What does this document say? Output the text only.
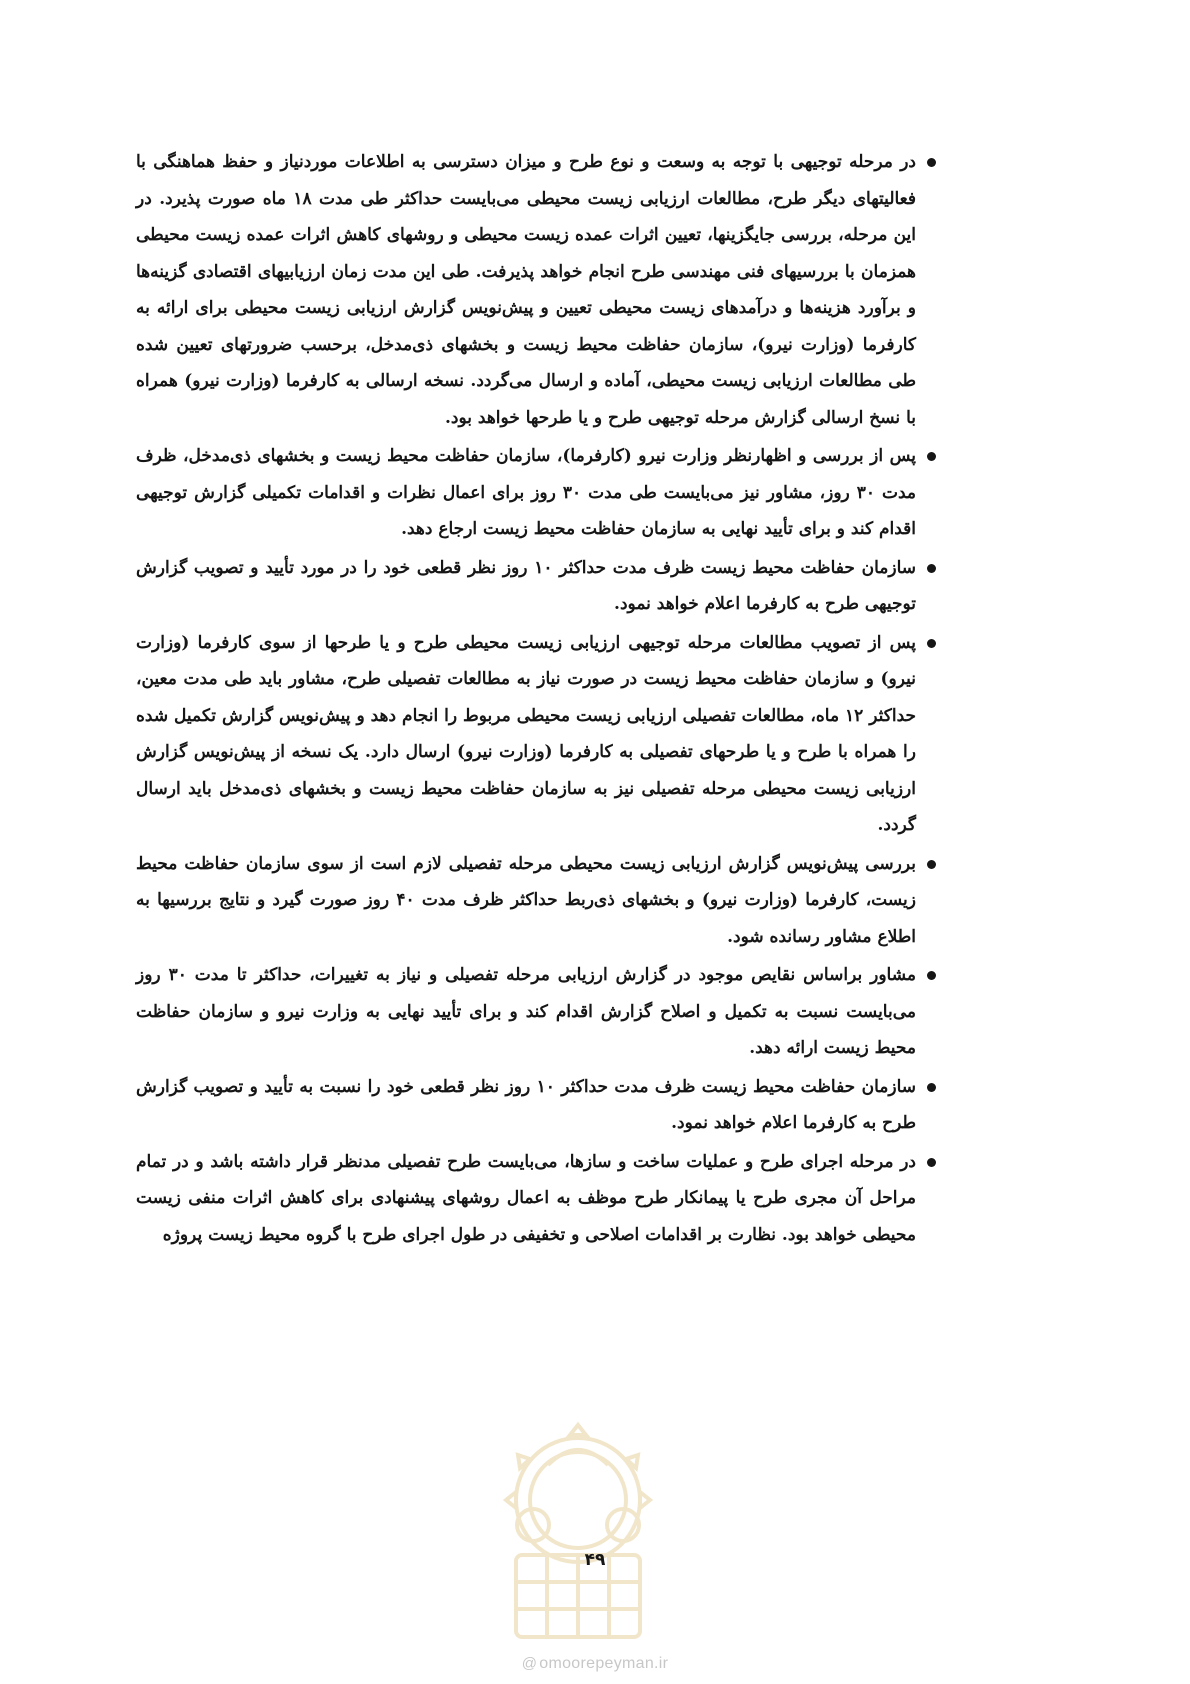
در مرحله توجیهی با توجه به وسعت و نوع طرح و میزان دسترسی به اطلاعات موردنیاز و حفظ هماهنگی با فعالیتهای دیگر طرح، مطالعات ارزیابی زیست محیطی می‌بایست حداکثر طی مدت ۱۸ ماه صورت پذیرد. در این مرحله، بررسی جایگزینها، تعیین اثرات عمده زیست محیطی و روشهای کاهش اثرات عمده زیست محیطی همزمان با بررسیهای فنی مهندسی طرح انجام خواهد پذیرفت. طی این مدت زمان ارزیابیهای اقتصادی گزینه‌ها و برآورد هزینه‌ها و درآمدهای زیست محیطی تعیین و پیش‌نویس گزارش ارزیابی زیست محیطی برای ارائه به کارفرما (وزارت نیرو)، سازمان حفاظت محیط زیست و بخشهای ذی‌مدخل، برحسب ضرورتهای تعیین شده طی مطالعات ارزیابی زیست محیطی، آماده و ارسال می‌گردد. نسخه ارسالی به کارفرما (وزارت نیرو) همراه با نسخ ارسالی گزارش مرحله توجیهی طرح و یا طرحها خواهد بود.
پس از بررسی و اظهارنظر وزارت نیرو (کارفرما)، سازمان حفاظت محیط زیست و بخشهای ذی‌مدخل، ظرف مدت ۳۰ روز، مشاور نیز می‌بایست طی مدت ۳۰ روز برای اعمال نظرات و اقدامات تکمیلی گزارش توجیهی اقدام کند و برای تأیید نهایی به سازمان حفاظت محیط زیست ارجاع دهد.
سازمان حفاظت محیط زیست ظرف مدت حداکثر ۱۰ روز نظر قطعی خود را در مورد تأیید و تصویب گزارش توجیهی طرح به کارفرما اعلام خواهد نمود.
پس از تصویب مطالعات مرحله توجیهی ارزیابی زیست محیطی طرح و یا طرحها از سوی کارفرما (وزارت نیرو) و سازمان حفاظت محیط زیست در صورت نیاز به مطالعات تفصیلی طرح، مشاور باید طی مدت معین، حداکثر ۱۲ ماه، مطالعات تفصیلی ارزیابی زیست محیطی مربوط را انجام دهد و پیش‌نویس گزارش تکمیل شده را همراه با طرح و یا طرحهای تفصیلی به کارفرما (وزارت نیرو) ارسال دارد. یک نسخه از پیش‌نویس گزارش ارزیابی زیست محیطی مرحله تفصیلی نیز به سازمان حفاظت محیط زیست و بخشهای ذی‌مدخل باید ارسال گردد.
بررسی پیش‌نویس گزارش ارزیابی زیست محیطی مرحله تفصیلی لازم است از سوی سازمان حفاظت محیط زیست، کارفرما (وزارت نیرو) و بخشهای ذی‌ربط حداکثر ظرف مدت ۴۰ روز صورت گیرد و نتایج بررسیها به اطلاع مشاور رسانده شود.
مشاور براساس نقایص موجود در گزارش ارزیابی مرحله تفصیلی و نیاز به تغییرات، حداکثر تا مدت ۳۰ روز می‌بایست نسبت به تکمیل و اصلاح گزارش اقدام کند و برای تأیید نهایی به وزارت نیرو و سازمان حفاظت محیط زیست ارائه دهد.
سازمان حفاظت محیط زیست ظرف مدت حداکثر ۱۰ روز نظر قطعی خود را نسبت به تأیید و تصویب گزارش طرح به کارفرما اعلام خواهد نمود.
در مرحله اجرای طرح و عملیات ساخت و سازها، می‌بایست طرح تفصیلی مدنظر قرار داشته باشد و در تمام مراحل آن مجری طرح یا پیمانکار طرح موظف به اعمال روشهای پیشنهادی برای کاهش اثرات منفی زیست محیطی خواهد بود. نظارت بر اقدامات اصلاحی و تخفیفی در طول اجرای طرح با گروه محیط زیست پروژه
۴۹
@ omoorepeyman.ir
